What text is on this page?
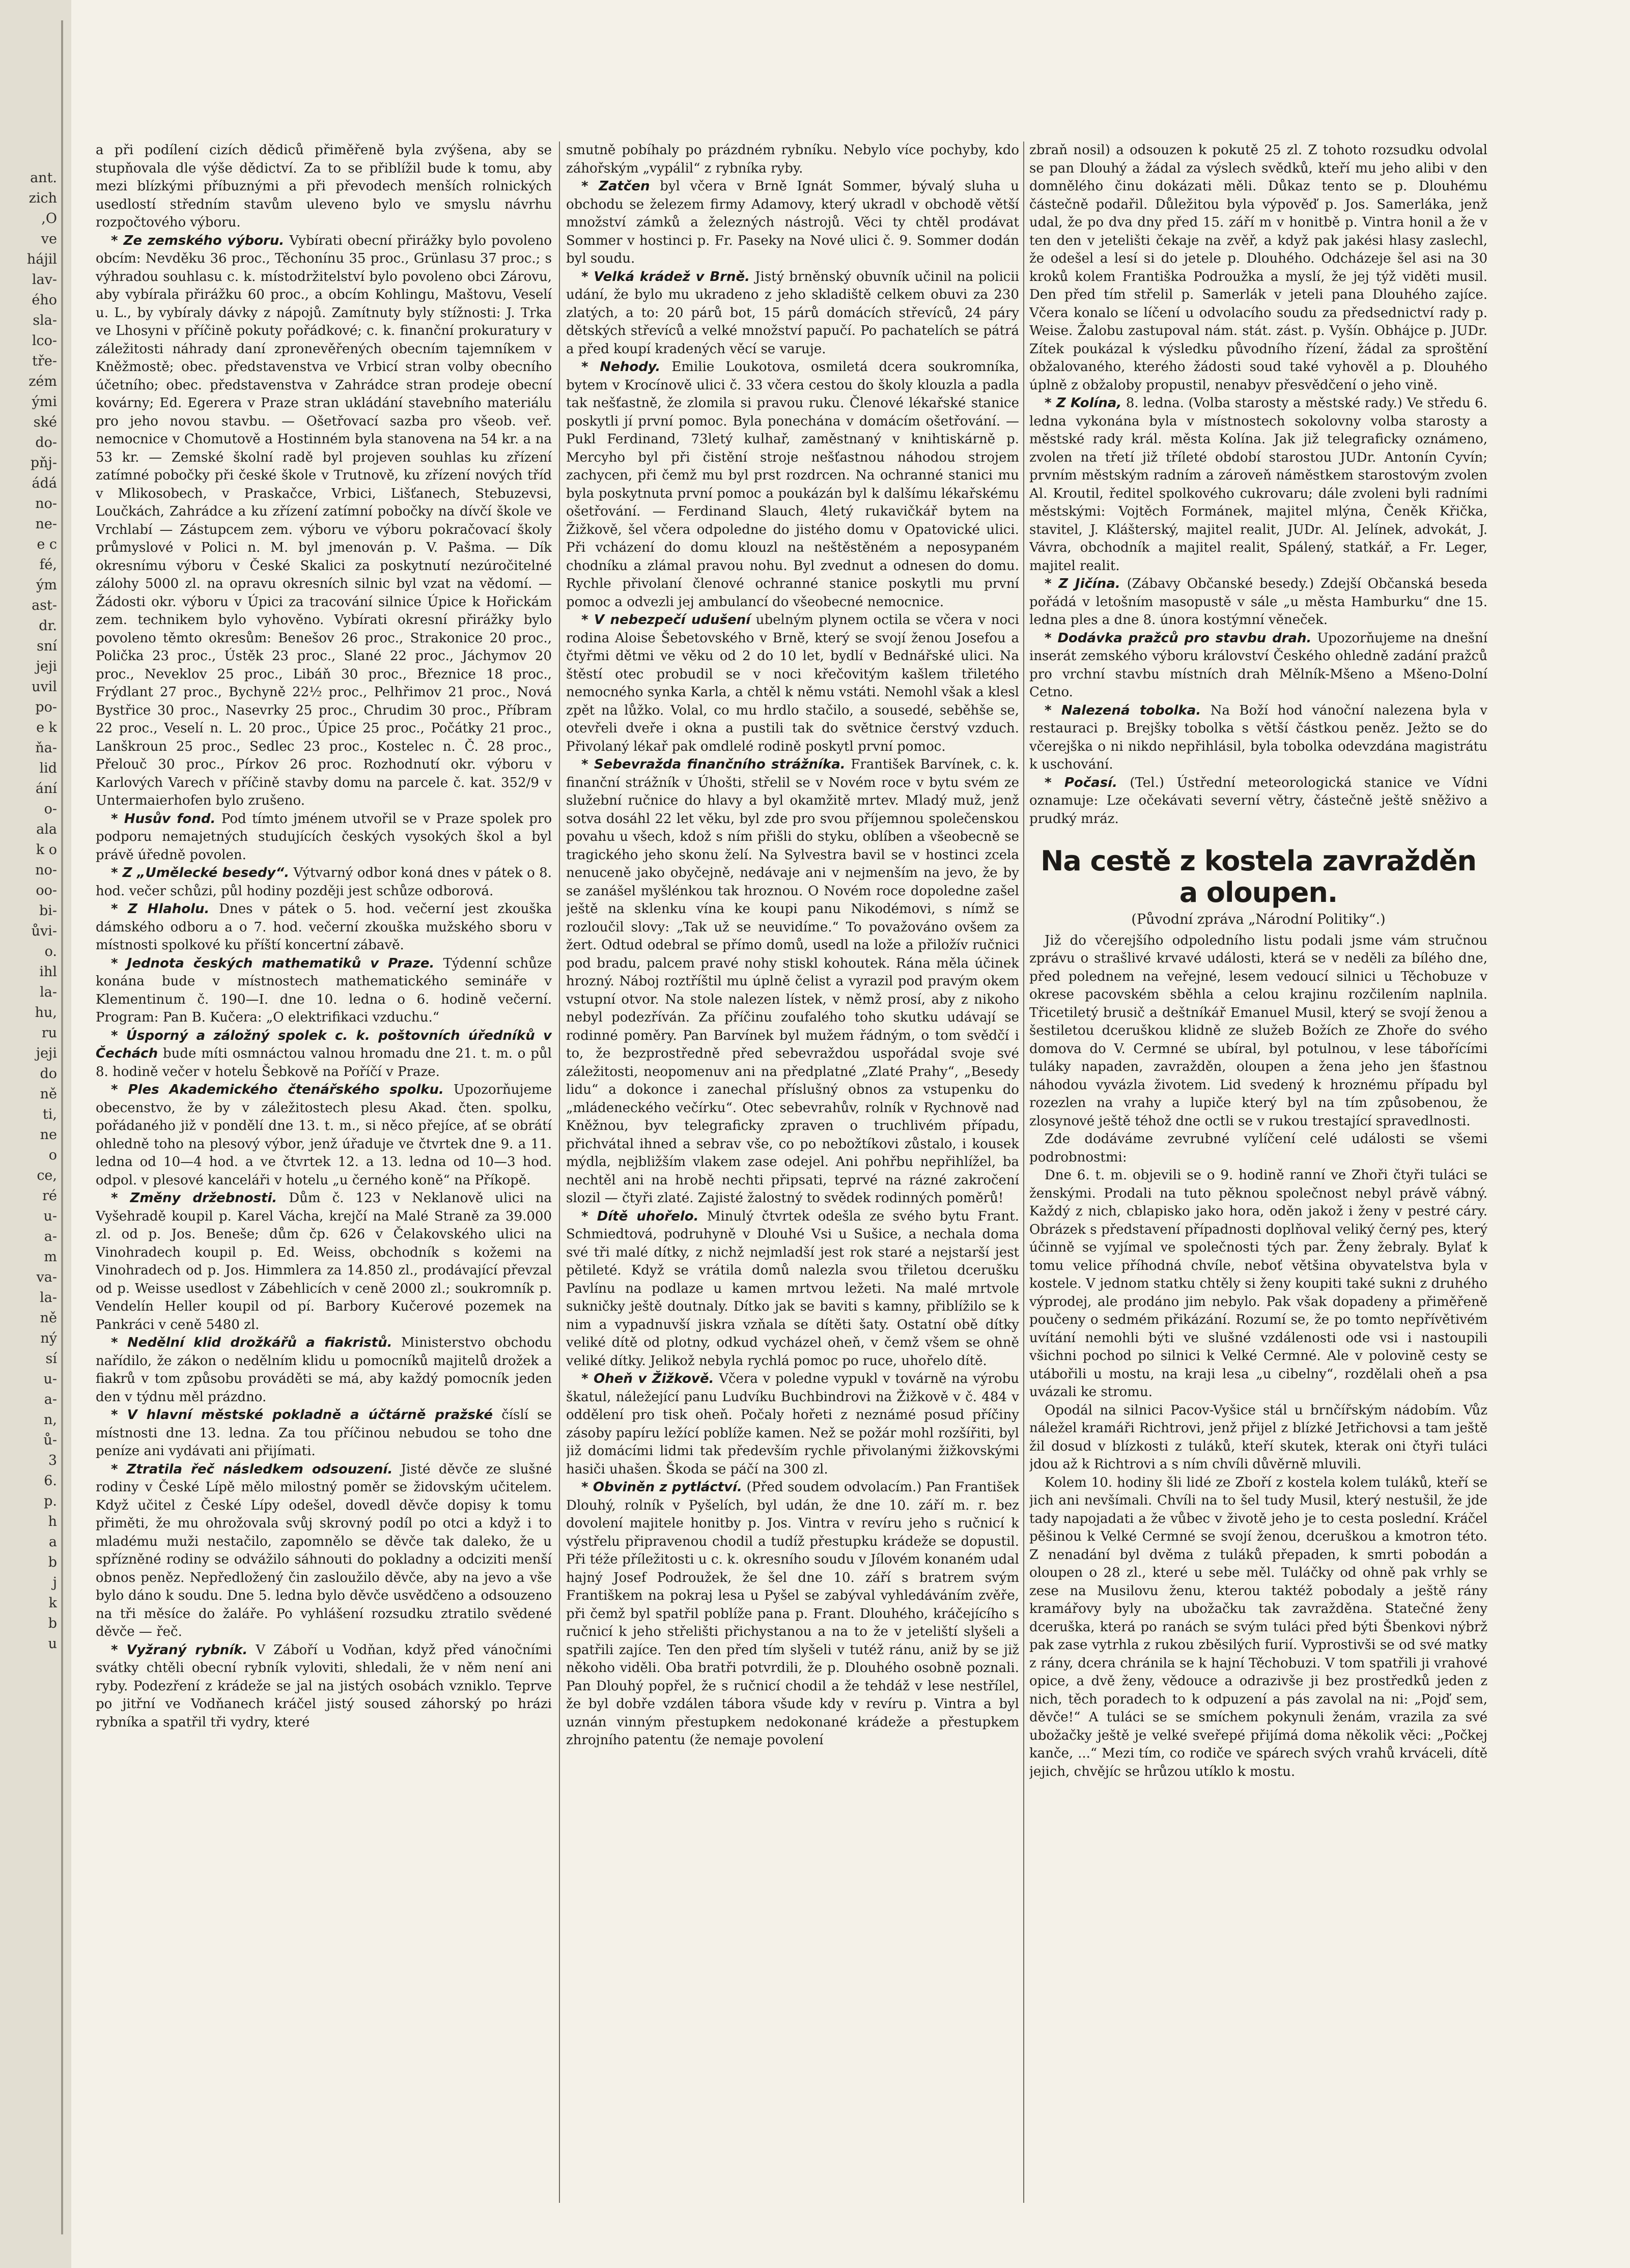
ant.
zich
,O
ve
hájil
lav-
ého
sla-
lco-
tře-
zém
ými
ské
do-
pňj-
ádá
no-
ne-
e c
fé,
ým
ast-
dr.
sní
jeji
uvil
po-
e k
ňa-
lid
ání
o-
ala
k o
no-
oo-
bi-
ůvi-
o.
ihl
la-
hu,
ru
jeji
do
ně
ti,
ne
o
ce,
ré
u-
a-
m
va-
la-
ně
ný
sí
u-
a-
n,
ů-
3
6.
p.
h
a
b
j
k
b
u

a při podílení cizích dědiců přiměřeně byla zvýšena, aby se stupňovala dle výše dědictví. Za to se přiblížil bude k tomu, aby mezi blízkými příbuznými a při převodech menších rolnických usedlostí středním stavům uleveno bylo ve smyslu návrhu rozpočtového výboru.

* Ze zemského výboru. Vybírati obecní přirážky bylo povoleno obcím: Nevděku 36 proc., Těchonínu 35 proc., Grünlasu 37 proc.; s výhradou souhlasu c. k. místodržitelství bylo povoleno obci Zárovu, aby vybírala přirážku 60 proc., a obcím Kohlingu, Maštovu, Veselí u. L., by vybíraly dávky z nápojů. Zamítnuty byly stížnosti: J. Trka ve Lhosyni v příčině pokuty pořádkové; c. k. finanční prokuratury v záležitosti náhrady daní zpronevěřených obecním tajemníkem v Kněžmostě; obec. představenstva ve Vrbicí stran volby obecního účetního; obec. představenstva v Zahrádce stran prodeje obecní kovárny; Ed. Egerera v Praze stran ukládání stavebního materiálu pro jeho novou stavbu. — Ošetřovací sazba pro všeob. veř. nemocnice v Chomutově a Hostinném byla stanovena na 54 kr. a na 53 kr. — Zemské školní radě byl projeven souhlas ku zřízení zatímné pobočky při české škole v Trutnově, ku zřízení nových tříd v Mlikosobech, v Praskačce, Vrbici, Lišťanech, Stebuzevsi, Loučkách, Zahrádce a ku zřízení zatímní pobočky na dívčí škole ve Vrchlabí — Zástupcem zem. výboru ve výboru pokračovací školy průmyslové v Polici n. M. byl jmenován p. V. Pašma. — Dík okresnímu výboru v České Skalici za poskytnutí nezúročitelné zálohy 5000 zl. na opravu okresních silnic byl vzat na vědomí. — Žádosti okr. výboru v Úpici za tracování silnice Úpice k Hořickám zem. technikem bylo vyhověno. Vybírati okresní přirážky bylo povoleno těmto okresům: Benešov 26 proc., Strakonice 20 proc., Polička 23 proc., Ústěk 23 proc., Slané 22 proc., Jáchymov 20 proc., Neveklov 25 proc., Libáň 30 proc., Březnice 18 proc., Frýdlant 27 proc., Bychyně 22½ proc., Pelhřimov 21 proc., Nová Bystřice 30 proc., Nasevrky 25 proc., Chrudim 30 proc., Příbram 22 proc., Veselí n. L. 20 proc., Úpice 25 proc., Počátky 21 proc., Lanškroun 25 proc., Sedlec 23 proc., Kostelec n. Č. 28 proc., Přelouč 30 proc., Pírkov 26 proc. Rozhodnutí okr. výboru v Karlových Varech v příčině stavby domu na parcele č. kat. 352/9 v Untermaierhofen bylo zrušeno.

* Husův fond. Pod tímto jménem utvořil se v Praze spolek pro podporu nemajetných studujících českých vysokých škol a byl právě úředně povolen.

* Z „Umělecké besedy“. Výtvarný odbor koná dnes v pátek o 8. hod. večer schůzi, půl hodiny později jest schůze odborová.

* Z Hlaholu. Dnes v pátek o 5. hod. večerní jest zkouška dámského odboru a o 7. hod. večerní zkouška mužského sboru v místnosti spolkové ku příští koncertní zábavě.

* Jednota českých mathematiků v Praze. Týdenní schůze konána bude v místnostech mathematického semináře v Klementinum č. 190—I. dne 10. ledna o 6. hodině večerní. Program: Pan B. Kučera: „O elektrifikaci vzduchu.“

* Úsporný a záložný spolek c. k. poštovních úředníků v Čechách bude míti osmnáctou valnou hromadu dne 21. t. m. o půl 8. hodině večer v hotelu Šebkově na Poříčí v Praze.

* Ples Akademického čtenářského spolku. Upozorňujeme obecenstvo, že by v záležitostech plesu Akad. čten. spolku, pořádaného již v pondělí dne 13. t. m., si něco přejíce, ať se obrátí ohledně toho na plesový výbor, jenž úřaduje ve čtvrtek dne 9. a 11. ledna od 10—4 hod. a ve čtvrtek 12. a 13. ledna od 10—3 hod. odpol. v plesové kanceláři v hotelu „u černého koně“ na Příkopě.

* Změny držebnosti. Dům č. 123 v Neklanově ulici na Vyšehradě koupil p. Karel Vácha, krejčí na Malé Straně za 39.000 zl. od p. Jos. Beneše; dům čp. 626 v Čelakovského ulici na Vinohradech koupil p. Ed. Weiss, obchodník s kožemi na Vinohradech od p. Jos. Himmlera za 14.850 zl., prodávající převzal od p. Weisse usedlost v Zábehlicích v ceně 2000 zl.; soukromník p. Vendelín Heller koupil od pí. Barbory Kučerové pozemek na Pankráci v ceně 5480 zl.

* Nedělní klid drožkářů a fiakristů. Ministerstvo obchodu nařídilo, že zákon o nedělním klidu u pomocníků majitelů drožek a fiakrů v tom způsobu prováděti se má, aby každý pomocník jeden den v týdnu měl prázdno.

* V hlavní městské pokladně a účtárně pražské číslí se místnosti dne 13. ledna. Za tou příčinou nebudou se toho dne peníze ani vydávati ani přijímati.

* Ztratila řeč následkem odsouzení. Jisté děvče ze slušné rodiny v České Lípě mělo milostný poměr se židovským učitelem. Když učitel z České Lípy odešel, dovedl děvče dopisy k tomu přiměti, že mu ohrožovala svůj skrovný podíl po otci a když i to mladému muži nestačilo, zapomnělo se děvče tak daleko, že u spřízněné rodiny se odvážilo sáhnouti do pokladny a odciziti menší obnos peněz. Nepředložený čin zasloužilo děvče, aby na jevo a vše bylo dáno k soudu. Dne 5. ledna bylo děvče usvědčeno a odsouzeno na tři měsíce do žaláře. Po vyhlášení rozsudku ztratilo svědené děvče — řeč.

* Vyžraný rybník. V Záboří u Vodňan, když před vánočními svátky chtěli obecní rybník vyloviti, shledali, že v něm není ani ryby. Podezření z krádeže se jal na jistých osobách vzniklo. Teprve po jitřní ve Vodňanech kráčel jistý soused záhorský po hrázi rybníka a spatřil tři vydry, které

smutně pobíhaly po prázdném rybníku. Nebylo více pochyby, kdo záhořským „vypálil“ z rybníka ryby.

* Zatčen byl včera v Brně Ignát Sommer, bývalý sluha u obchodu se železem firmy Adamovy, který ukradl v obchodě větší množství zámků a železných nástrojů. Věci ty chtěl prodávat Sommer v hostinci p. Fr. Paseky na Nové ulici č. 9. Sommer dodán byl soudu.

* Velká krádež v Brně. Jistý brněnský obuvník učinil na policii udání, že bylo mu ukradeno z jeho skladiště celkem obuvi za 230 zlatých, a to: 20 párů bot, 15 párů domácích střevíců, 24 páry dětských střevíců a velké množství papučí. Po pachatelích se pátrá a před koupí kradených věcí se varuje.

* Nehody. Emilie Loukotova, osmiletá dcera soukromníka, bytem v Krocínově ulici č. 33 včera cestou do školy klouzla a padla tak nešťastně, že zlomila si pravou ruku. Členové lékařské stanice poskytli jí první pomoc. Byla ponechána v domácím ošetřování. — Pukl Ferdinand, 73letý kulhař, zaměstnaný v knihtiskárně p. Mercyho byl při čistění stroje nešťastnou náhodou strojem zachycen, při čemž mu byl prst rozdrcen. Na ochranné stanici mu byla poskytnuta první pomoc a poukázán byl k dalšímu lékařskému ošetřování. — Ferdinand Slauch, 4letý rukavičkář bytem na Žižkově, šel včera odpoledne do jistého domu v Opatovické ulici. Při vcházení do domu klouzl na neštěstěném a neposypaném chodníku a zlámal pravou nohu. Byl zvednut a odnesen do domu. Rychle přivolaní členové ochranné stanice poskytli mu první pomoc a odvezli jej ambulancí do všeobecné nemocnice.

* V nebezpečí udušení ubelným plynem octila se včera v noci rodina Aloise Šebetovského v Brně, který se svojí ženou Josefou a čtyřmi dětmi ve věku od 2 do 10 let, bydlí v Bednářské ulici. Na štěstí otec probudil se v noci křečovitým kašlem třiletého nemocného synka Karla, a chtěl k němu vstáti. Nemohl však a klesl zpět na lůžko. Volal, co mu hrdlo stačilo, a sousedé, seběhše se, otevřeli dveře i okna a pustili tak do světnice čerstvý vzduch. Přivolaný lékař pak omdlelé rodině poskytl první pomoc.

* Sebevražda finančního strážníka. František Barvínek, c. k. finanční strážník v Úhošti, střelil se v Novém roce v bytu svém ze služební ručnice do hlavy a byl okamžitě mrtev. Mladý muž, jenž sotva dosáhl 22 let věku, byl zde pro svou příjemnou společenskou povahu u všech, kdož s ním přišli do styku, oblíben a všeobecně se tragického jeho skonu želí. Na Sylvestra bavil se v hostinci zcela nenuceně jako obyčejně, nedávaje ani v nejmenším na jevo, že by se zanášel myšlénkou tak hroznou. O Novém roce dopoledne zašel ještě na sklenku vína ke koupi panu Nikodémovi, s nímž se rozloučil slovy: „Tak už se neuvidíme.“ To považováno ovšem za žert. Odtud odebral se přímo domů, usedl na lože a přiložív ručnici pod bradu, palcem pravé nohy stiskl kohoutek. Rána měla účinek hrozný. Náboj roztříštil mu úplně čelist a vyrazil pod pravým okem vstupní otvor. Na stole nalezen lístek, v němž prosí, aby z nikoho nebyl podezříván. Za příčinu zoufalého toho skutku udávají se rodinné poměry. Pan Barvínek byl mužem řádným, o tom svědčí i to, že bezprostředně před sebevraždou uspořádal svoje své záležitosti, neopomenuv ani na předplatné „Zlaté Prahy“, „Besedy lidu“ a dokonce i zanechal příslušný obnos za vstupenku do „mládeneckého večírku“. Otec sebevrahův, rolník v Rychnově nad Kněžnou, byv telegraficky zpraven o truchlivém případu, přichvátal ihned a sebrav vše, co po nebožtíkovi zůstalo, i kousek mýdla, nejbližším vlakem zase odejel. Ani pohřbu nepřihlížel, ba nechtěl ani na hrobě nechti připsati, teprvé na rázné zakročení slozil — čtyři zlaté. Zajisté žalostný to svědek rodinných poměrů!

* Dítě uhořelo. Minulý čtvrtek odešla ze svého bytu Frant. Schmiedtová, podruhyně v Dlouhé Vsi u Sušice, a nechala doma své tři malé dítky, z nichž nejmladší jest rok staré a nejstarší jest pětileté. Když se vrátila domů nalezla svou třiletou dcerušku Pavlínu na podlaze u kamen mrtvou ležeti. Na malé mrtvole sukničky ještě doutnaly. Dítko jak se baviti s kamny, přiblížilo se k nim a vypadnuvší jiskra vzňala se dítěti šaty. Ostatní obě dítky veliké dítě od plotny, odkud vycházel oheň, v čemž všem se ohně veliké dítky. Jelikož nebyla rychlá pomoc po ruce, uhořelo dítě.

* Oheň v Žižkově. Včera v poledne vypukl v továrně na výrobu škatul, náležející panu Ludvíku Buchbindrovi na Žižkově v č. 484 v oddělení pro tisk oheň. Počaly hořeti z neznámé posud příčiny zásoby papíru ležící poblíže kamen. Než se požár mohl rozšířiti, byl již domácími lidmi tak především rychle přivolanými žižkovskými hasiči uhašen. Škoda se páčí na 300 zl.

* Obviněn z pytláctví. (Před soudem odvolacím.) Pan František Dlouhý, rolník v Pyšelích, byl udán, že dne 10. září m. r. bez dovolení majitele honitby p. Jos. Vintra v revíru jeho s ručnicí k výstřelu připravenou chodil a tudíž přestupku krádeže se dopustil. Při téže příležitosti u c. k. okresního soudu v Jílovém konaném udal hajný Josef Podroužek, že šel dne 10. září s bratrem svým Františkem na pokraj lesa u Pyšel se zabýval vyhledáváním zvěře, při čemž byl spatřil poblíže pana p. Frant. Dlouhého, kráčejícího s ručnicí k jeho střelišti přichystanou a na to že v jeteliští slyšeli a spatřili zajíce. Ten den před tím slyšeli v tutéž ránu, aniž by se již někoho viděli. Oba bratři potvrdili, že p. Dlouhého osobně poznali. Pan Dlouhý popřel, že s ručnicí chodil a že tehdáž v lese nestřílel, že byl dobře vzdálen tábora všude kdy v revíru p. Vintra a byl uznán vinným přestupkem nedokonané krádeže a přestupkem zhrojního patentu (že nemaje povolení

zbraň nosil) a odsouzen k pokutě 25 zl. Z tohoto rozsudku odvolal se pan Dlouhý a žádal za výslech svědků, kteří mu jeho alibi v den domnělého činu dokázati měli. Důkaz tento se p. Dlouhému částečně podařil. Důležitou byla výpověď p. Jos. Samerláka, jenž udal, že po dva dny před 15. září m v honitbě p. Vintra honil a že v ten den v jetelišti čekaje na zvěř, a když pak jakési hlasy zaslechl, že odešel a lesí si do jetele p. Dlouhého. Odcházeje šel asi na 30 kroků kolem Františka Podroužka a myslí, že jej týž viděti musil. Den před tím střelil p. Samerlák v jeteli pana Dlouhého zajíce. Včera konalo se líčení u odvolacího soudu za předsednictví rady p. Weise. Žalobu zastupoval nám. stát. zást. p. Vyšín. Obhájce p. JUDr. Zítek poukázal k výsledku původního řízení, žádal za sproštění obžalovaného, kterého žádosti soud také vyhověl a p. Dlouhého úplně z obžaloby propustil, nenabyv přesvědčení o jeho vině.

* Z Kolína, 8. ledna. (Volba starosty a městské rady.) Ve středu 6. ledna vykonána byla v místnostech sokolovny volba starosty a městské rady král. města Kolína. Jak již telegraficky oznámeno, zvolen na třetí již tříleté období starostou JUDr. Antonín Cyvín; prvním městským radním a zároveň náměstkem starostovým zvolen Al. Kroutil, ředitel spolkového cukrovaru; dále zvoleni byli radními městskými: Vojtěch Formánek, majitel mlýna, Čeněk Křička, stavitel, J. Klášterský, majitel realit, JUDr. Al. Jelínek, advokát, J. Vávra, obchodník a majitel realit, Spálený, statkář, a Fr. Leger, majitel realit.

* Z Jičína. (Zábavy Občanské besedy.) Zdejší Občanská beseda pořádá v letošním masopustě v sále „u města Hamburku“ dne 15. ledna ples a dne 8. února kostýmní věneček.

* Dodávka pražců pro stavbu drah. Upozorňujeme na dnešní inserát zemského výboru království Českého ohledně zadání pražců pro vrchní stavbu místních drah Mělník-Mšeno a Mšeno-Dolní Cetno.

* Nalezená tobolka. Na Boží hod vánoční nalezena byla v restauraci p. Brejšky tobolka s větší částkou peněz. Ježto se do včerejška o ni nikdo nepřihlásil, byla tobolka odevzdána magistrátu k uschování.

* Počasí. (Tel.) Ústřední meteorologická stanice ve Vídni oznamuje: Lze očekávati severní větry, částečně ještě sněživo a prudký mráz.

Na cestě z kostela zavražděn
a oloupen.
(Původní zpráva „Národní Politiky“.)

Již do včerejšího odpoledního listu podali jsme vám stručnou zprávu o strašlivé krvavé události, která se v neděli za bílého dne, před polednem na veřejné, lesem vedoucí silnici u Těchobuze v okrese pacovském sběhla a celou krajinu rozčilením naplnila. Třicetiletý brusič a deštníkář Emanuel Musil, který se svojí ženou a šestiletou dceruškou klidně ze služeb Božích ze Zhoře do svého domova do V. Cermné se ubíral, byl potulnou, v lese tábořícími tuláky napaden, zavražděn, oloupen a žena jeho jen šťastnou náhodou vyvázla životem. Lid svedený k hroznému případu byl rozezlen na vrahy a lupiče který byl na tím způsobenou, že zlosynové ještě téhož dne octli se v rukou trestající spravedlnosti.

Zde dodáváme zevrubné vylíčení celé události se všemi podrobnostmi:

Dne 6. t. m. objevili se o 9. hodině ranní ve Zhoři čtyři tuláci se ženskými. Prodali na tuto pěknou společnost nebyl právě vábný. Každý z nich, cblapisko jako hora, oděn jakož i ženy v pestré cáry. Obrázek s představení případnosti doplňoval veliký černý pes, který účinně se vyjímal ve společnosti tých par. Ženy žebraly. Bylať k tomu velice příhodná chvíle, neboť většina obyvatelstva byla v kostele. V jednom statku chtěly si ženy koupiti také sukni z druhého výprodej, ale prodáno jim nebylo. Pak však dopadeny a přiměřeně poučeny o sedmém přikázání. Rozumí se, že po tomto nepřívětivém uvítání nemohli býti ve slušné vzdálenosti ode vsi i nastoupili všichni pochod po silnici k Velké Cermné. Ale v polovině cesty se utábořili u mostu, na kraji lesa „u cibelny“, rozdělali oheň a psa uvázali ke stromu.

Opodál na silnici Pacov-Vyšice stál u brnčířským nádobím. Vůz náležel kramáři Richtrovi, jenž přijel z blízké Jetřichovsi a tam ještě žil dosud v blízkosti z tuláků, kteří skutek, kterak oni čtyři tuláci jdou až k Richtrovi a s ním chvíli důvěrně mluvili.

Kolem 10. hodiny šli lidé ze Zboří z kostela kolem tuláků, kteří se jich ani nevšímali. Chvíli na to šel tudy Musil, který nestušil, že jde tady napojadati a že vůbec v životě jeho je to cesta poslední. Kráčel pěšinou k Velké Cermné se svojí ženou, dceruškou a kmotron této. Z nenadání byl dvěma z tuláků přepaden, k smrti pobodán a oloupen o 28 zl., které u sebe měl. Tuláčky od ohně pak vrhly se zese na Musilovu ženu, kterou taktéž pobodaly a ještě rány kramářovy byly na ubožačku tak zavražděna. Statečné ženy dceruška, která po ranách se svým tuláci před býti Šbenkovi nýbrž pak zase vytrhla z rukou zběsilých furií. Vyprostivši se od své matky z rány, dcera chránila se k hajní Těchobuzi. V tom spatřili ji vrahové opice, a dvě ženy, vědouce a odrazivše ji bez prostředků jeden z nich, těch poradech to k odpuzení a pás zavolal na ni: „Pojď sem, děvče!“ A tuláci se se smíchem pokynuli ženám, vrazila za své ubožačky ještě je velké sveřepé přijímá doma několik věci: „Počkej kanče, ...“ Mezi tím, co rodiče ve spárech svých vrahů krváceli, dítě jejich, chvějíc se hrůzou utíklo k mostu.
